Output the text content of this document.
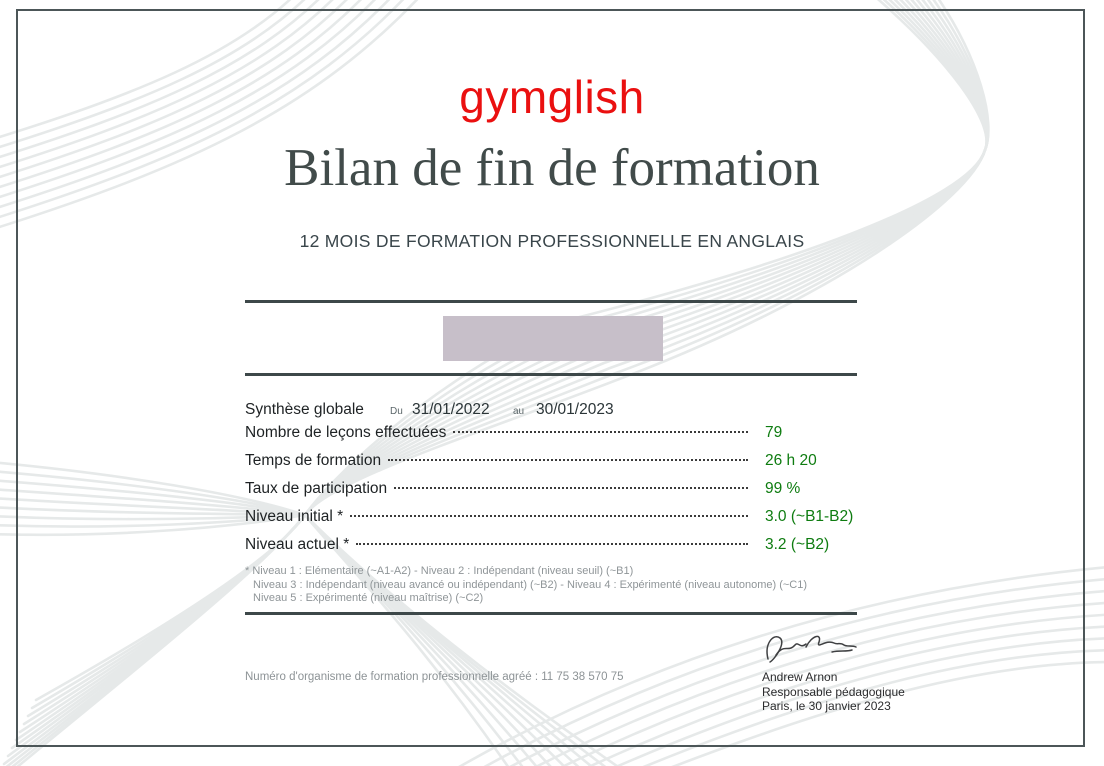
gymglish
Bilan de fin de formation
12 MOIS DE FORMATION PROFESSIONNELLE EN ANGLAIS
Synthèse globale	Du 31/01/2022 au 30/01/2023
Nombre de leçons effectuées	79
Temps de formation	26 h 20
Taux de participation	99 %
Niveau initial *	3.0 (~B1-B2)
Niveau actuel *	3.2 (~B2)
* Niveau 1 : Elémentaire (~A1-A2) - Niveau 2 : Indépendant (niveau seuil) (~B1)
Niveau 3 : Indépendant (niveau avancé ou indépendant) (~B2) - Niveau 4 : Expérimenté (niveau autonome) (~C1)
Niveau 5 : Expérimenté (niveau maîtrise) (~C2)
Numéro d'organisme de formation professionnelle agréé : 11 75 38 570 75	Andrew Arnon
Responsable pédagogique
Paris, le 30 janvier 2023
